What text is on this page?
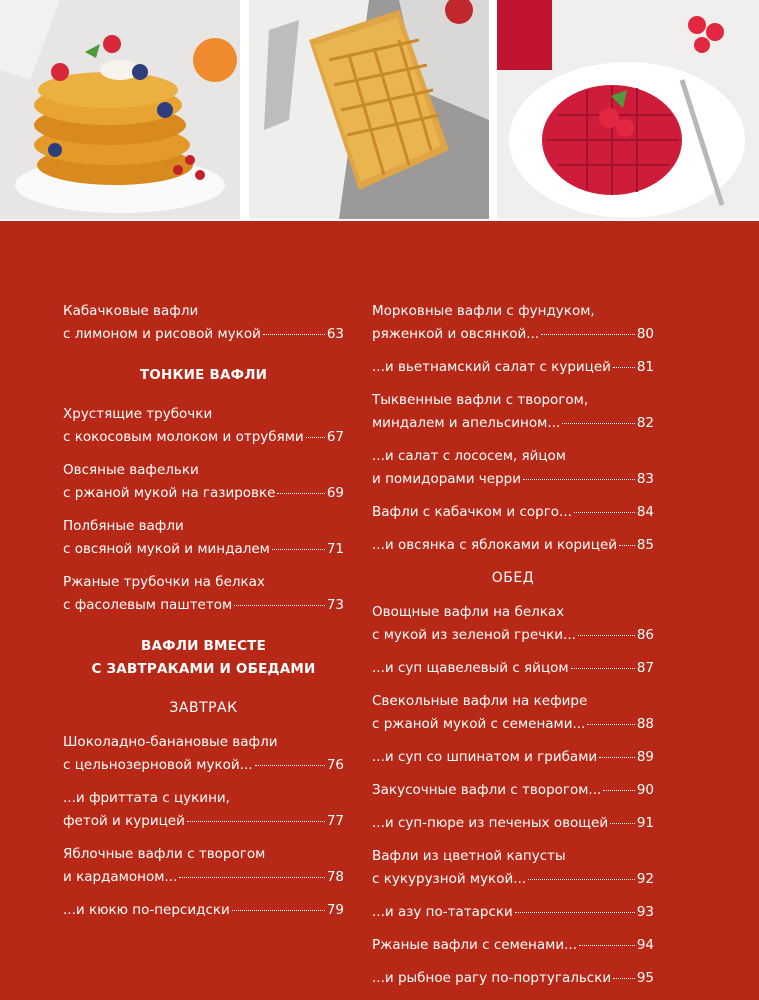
Кабачковые вафли
с лимоном и рисовой мукой	63
ТОНКИЕ ВАФЛИ
Хрустящие трубочки
с кокосовым молоком и отрубями 67
Овсяные вафельки
с ржаной мукой на газировке	69
Полбяные вафли
с овсяной мукой и миндалем	71
Ржаные трубочки на белках
с фасолевым паштетом	73
ВАФЛИ ВМЕСТЕ
С ЗАВТРАКАМИ И ОБЕДАМИ
ЗАВТРАК
Шоколадно-банановые вафли
с цельнозерновой мукой...	76
...и фриттата с цукини,
фетой и курицей	77
Яблочные вафли с творогом
и кардамоном...	78
...и кюкю по-персидски	79
Морковные вафли с фундуком,
ряженкой и овсянкой...	80
...и вьетнамский салат с курицей 81
Тыквенные вафли с творогом,
миндалем и апельсином...	82
...и салат с лососем, яйцом
и помидорами черри	83
Вафли с кабачком и сорго...	84
...и овсянка с яблоками и корицей 85
ОБЕД
Овощные вафли на белках
с мукой из зеленой гречки...	86
...и суп щавелевый с яйцом	87
Свекольные вафли на кефире
с ржаной мукой с семенами...	88
...и суп со шпинатом и грибами	89
Закусочные вафли с творогом...	90
...и суп-пюре из печеных овощей 91
Вафли из цветной капусты
с кукурузной мукой...	92
...и азу по-татарски	93
Ржаные вафли с семенами...	94
...и рыбное рагу по-португальски 95
